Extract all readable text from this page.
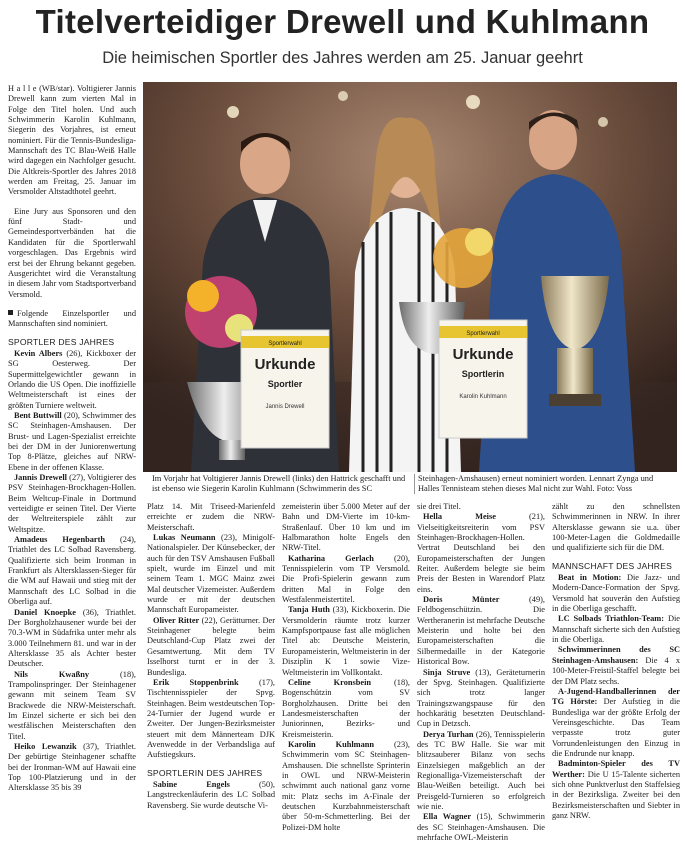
Titelverteidiger Drewell und Kuhlmann
Die heimischen Sportler des Jahres werden am 25. Januar geehrt

H a l l e (WB/star). Voltigierer Jannis Drewell kann zum vierten Mal in Folge den Titel holen. Und auch Schwimmerin Karolin Kuhlmann, Siegerin des Vorjahres, ist erneut nominiert. Für die Tennis-Bundesliga-Mannschaft des TC Blau-Weiß Halle wird dagegen ein Nachfolger gesucht. Die Altkreis-Sportler des Jahres 2018 werden am Freitag, 25. Januar im Versmolder Altstadthotel geehrt.

Eine Jury aus Sponsoren und den fünf Stadt- und Gemeindesportverbänden hat die Kandidaten für die Sportlerwahl vorgeschlagen. Das Ergebnis wird erst bei der Ehrung bekannt gegeben. Ausgerichtet wird die Veranstaltung in diesem Jahr vom Stadtsportverband Versmold.

Folgende Einzelsportler und Mannschaften sind nominiert.

SPORTLER DES JAHRES

Kevin Albers (26), Kickboxer der SG Oesterweg. Der Supermittelgewichtler gewann in Orlando die US Open. Die inoffizielle Weltmeisterschaft ist eines der größten Turniere weltweit.

Bent Buttwill (20), Schwimmer des SC Steinhagen-Amshausen. Der Brust- und Lagen-Spezialist erreichte bei der DM in der Juniorenwertung Top 8-Plätze, gleiches auf NRW-Ebene in der offenen Klasse.

Jannis Drewell (27), Voltigierer des PSV Steinhagen-Brockhagen-Hollen. Beim Weltcup-Finale in Dortmund verteidigte er seinen Titel. Der Vierte der Weltreiterspiele zählt zur Weltspitze.

Amadeus Hegenbarth (24), Triathlet des LC Solbad Ravensberg. Qualifizierte sich beim Ironman in Frankfurt als Altersklassen-Sieger für die WM auf Hawaii und stieg mit der Mannschaft des LC Solbad in die Oberliga auf.

Daniel Knoepke (36), Triathlet. Der Borgholzhausener wurde bei der 70.3-WM in Südafrika unter mehr als 3.000 Teilnehmern 81. und war in der Altersklasse 35 als Achter bester Deutscher.

Nils Kwaßny (18), Trampolinspringer. Der Steinhagener gewann mit seinem Team SV Brackwede die NRW-Meisterschaft. Im Einzel sicherte er sich bei den westfälischen Meisterschaften den Titel.

Heiko Lewanzik (37), Triathlet. Der gebürtige Steinhagener schaffte bei der Ironman-WM auf Hawaii eine Top 100-Platzierung und in der Altersklasse 35 bis 39

Sportlerwahl
Urkunde
Sportler
Jannis Drewell
Sportlerwahl
Urkunde
Sportlerin
Karolin Kuhlmann
Im Vorjahr hat Voltigierer Jannis Drewell (links) den Hattrick geschafft und ist ebenso wie Siegerin Karolin Kuhlmann (Schwimmerin des SC
Steinhagen-Amshausen) erneut nominiert worden. Lennart Zynga und Halles Tennisteam stehen dieses Mal nicht zur Wahl. Foto: Voss

Platz 14. Mit Triseed-Marienfeld erreichte er zudem die NRW-Meisterschaft.

Lukas Neumann (23), Minigolf-Nationalspieler. Der Künsebecker, der auch für den TSV Amshausen Fußball spielt, wurde im Einzel und mit seinem Team 1. MGC Mainz zwei Mal deutscher Vizemeister. Außerdem wurde er mit der deutschen Mannschaft Europameister.

Oliver Ritter (22), Gerätturner. Der Steinhagener belegte beim Deutschland-Cup Platz zwei der Gesamtwertung. Mit dem TV Isselhorst turnt er in der 3. Bundesliga.

Erik Stoppenbrink (17), Tischtennisspieler der Spvg. Steinhagen. Beim westdeutschen Top-24-Turnier der Jugend wurde er Zweiter. Der Jungen-Bezirksmeister steuert mit dem Männerteam DJK Avenwedde in der Verbandsliga auf Aufstiegskurs.

SPORTLERIN DES JAHRES

Sabine Engels (50), Langstreckenläuferin des LC Solbad Ravensberg. Sie wurde deutsche Vi-

zemeisterin über 5.000 Meter auf der Bahn und DM-Vierte im 10-km-Straßenlauf. Über 10 km und im Halbmarathon holte Engels den NRW-Titel.

Katharina Gerlach (20), Tennisspielerin vom TP Versmold. Die Profi-Spielerin gewann zum dritten Mal in Folge den Westfalenmeistertitel.

Tanja Huth (33), Kickboxerin. Die Versmolderin räumte trotz kurzer Kampfsportpause fast alle möglichen Titel ab: Deutsche Meisterin, Europameisterin, Weltmeisterin in der Disziplin K 1 sowie Vize-Weltmeisterin im Vollkontakt.

Celine Kronsbein (18), Bogenschützin vom SV Borgholzhausen. Dritte bei den Landesmeisterschaften der Juniorinnen, Bezirks- und Kreismeisterin.

Karolin Kuhlmann (23), Schwimmerin vom SC Steinhagen-Amshausen. Die schnellste Sprinterin in OWL und NRW-Meisterin schwimmt auch national ganz vorne mit: Platz sechs im A-Finale der deutschen Kurzbahnmeisterschaft über 50-m-Schmetterling. Bei der Polizei-DM holte

sie drei Titel.

Hella Meise (21), Vielseitigkeitsreiterin vom PSV Steinhagen-Brockhagen-Hollen. Vertrat Deutschland bei den Europameisterschaften der Jungen Reiter. Außerdem belegte sie beim Preis der Besten in Warendorf Platz eins.

Doris Münter (49), Feldbogenschützin. Die Wertheranerin ist mehrfache Deutsche Meisterin und holte bei den Europameisterschaften die Silbermedaille in der Kategorie Historical Bow.

Sinja Struve (13), Geräteturnerin der Spvg. Steinhagen. Qualifizierte sich trotz langer Trainingszwangspause für den hochkarätig besetzten Deutschland-Cup in Detzsch.

Derya Turhan (26), Tennisspielerin des TC BW Halle. Sie war mit blitzsauberer Bilanz von sechs Einzelsiegen maßgeblich an der Regionalliga-Vizemeisterschaft der Blau-Weißen beteiligt. Auch bei Preisgeld-Turnieren so erfolgreich wie nie.

Ella Wagner (15), Schwimmerin des SC Steinhagen-Amshausen. Die mehrfache OWL-Meisterin

zählt zu den schnellsten Schwimmerinnen in NRW. In ihrer Altersklasse gewann sie u.a. über 100-Meter-Lagen die Goldmedaille und qualifizierte sich für die DM.

MANNSCHAFT DES JAHRES

Beat in Motion: Die Jazz- und Modern-Dance-Formation der Spvg. Versmold hat souverän den Aufstieg in die Oberliga geschafft.

LC Solbads Triathlon-Team: Die Mannschaft sicherte sich den Aufstieg in die Oberliga.

Schwimmerinnen des SC Steinhagen-Amshausen: Die 4 x 100-Meter-Freistil-Staffel belegte bei der DM Platz sechs.

A-Jugend-Handballerinnen der TG Hörste: Der Aufstieg in die Bundesliga war der größte Erfolg der Vereinsgeschichte. Das Team verpasste trotz guter Vorrundenleistungen den Einzug in die Endrunde nur knapp.

Badminton-Spieler des TV Werther: Die U 15-Talente sicherten sich ohne Punktverlust den Staffelsieg in der Bezirksliga. Zweiter bei den Bezirksmeisterschaften und Siebter in ganz NRW.
